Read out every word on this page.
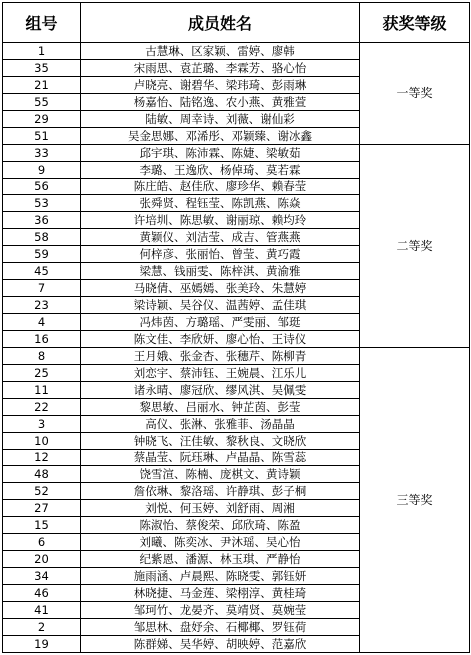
组号	成员姓名	获奖等级
1	古慧琳、区家颖、雷婷、廖韩	一等奖
35	宋雨思、袁芷璐、李霖芳、骆心怡	
21	卢晓亮、谢碧华、梁玮琦、彭雨琳	
55	杨嘉怡、陆铭逸、农小燕、黄雅萱	
29	陆敏、周幸诗、刘薇、谢仙彩	
51	吴金思娜、邓浠彤、邓颖臻、谢冰鑫	
33	邱宇琪、陈沛霖、陈婕、梁敏茹	二等奖
9	李璐、王逸欣、杨倬琦、莫若霖	
56	陈庄皓、赵佳欣、廖珍华、赖春莹	
53	张舜贤、程钰莹、陈凯燕、陈焱	
36	许培圳、陈思敏、谢丽琼、赖均玲	
58	黄颖仪、刘洁莹、成吉、管燕燕	
59	何梓彦、张丽怡、曾莹、黄巧霞	
45	梁慧、钱丽雯、陈梓淇、黄渝雅	
7	马晓倩、巫嫣嫣、张美玲、朱慧婷	
23	梁诗颖、吴谷仪、温茜婷、孟佳琪	
4	冯炜茵、方璐瑶、严雯丽、邹珽	
16	陈文佳、李欣妍、廖心怡、王诗仪	
8	王月娥、张金杏、张穗芹、陈柳青	三等奖
25	刘恋宇、蔡沛钰、王婉晨、江乐儿	
11	诸永晴、廖冠欣、缪风淇、吴佩雯	
22	黎思敏、吕丽水、钟芷茵、彭莹	
3	高仪、张淋、张雅菲、汤晶晶	
10	钟晓飞、汪佳敏、黎秋良、文晓欣	
12	蔡晶莹、阮珏琳、卢晶晶、陈雪蕊	
48	饶雪渲、陈楠、庞棋文、黄诗颖	
52	詹依琳、黎洛瑶、许静琪、彭子桐	
27	刘悦、何玉婷、刘舒雨、周湘	
15	陈淑怡、蔡俊荣、邱欣琦、陈盈	
6	刘曦、陈奕冰、尹沐瑶、吴心怡	
20	纪紫恩、潘源、林玉琪、严静怡	
34	施雨涵、卢晨熙、陈晓雯、郭钰妍	
46	林晓捷、马金莲、梁栩淳、黄桂琦	
41	邹珂竹、龙晏齐、莫靖贤、莫婉莹	
2	邹思林、盘妤余、石椰椰、罗钰荷	
19	陈群娣、吴华婷、胡映婷、范嘉欣	
